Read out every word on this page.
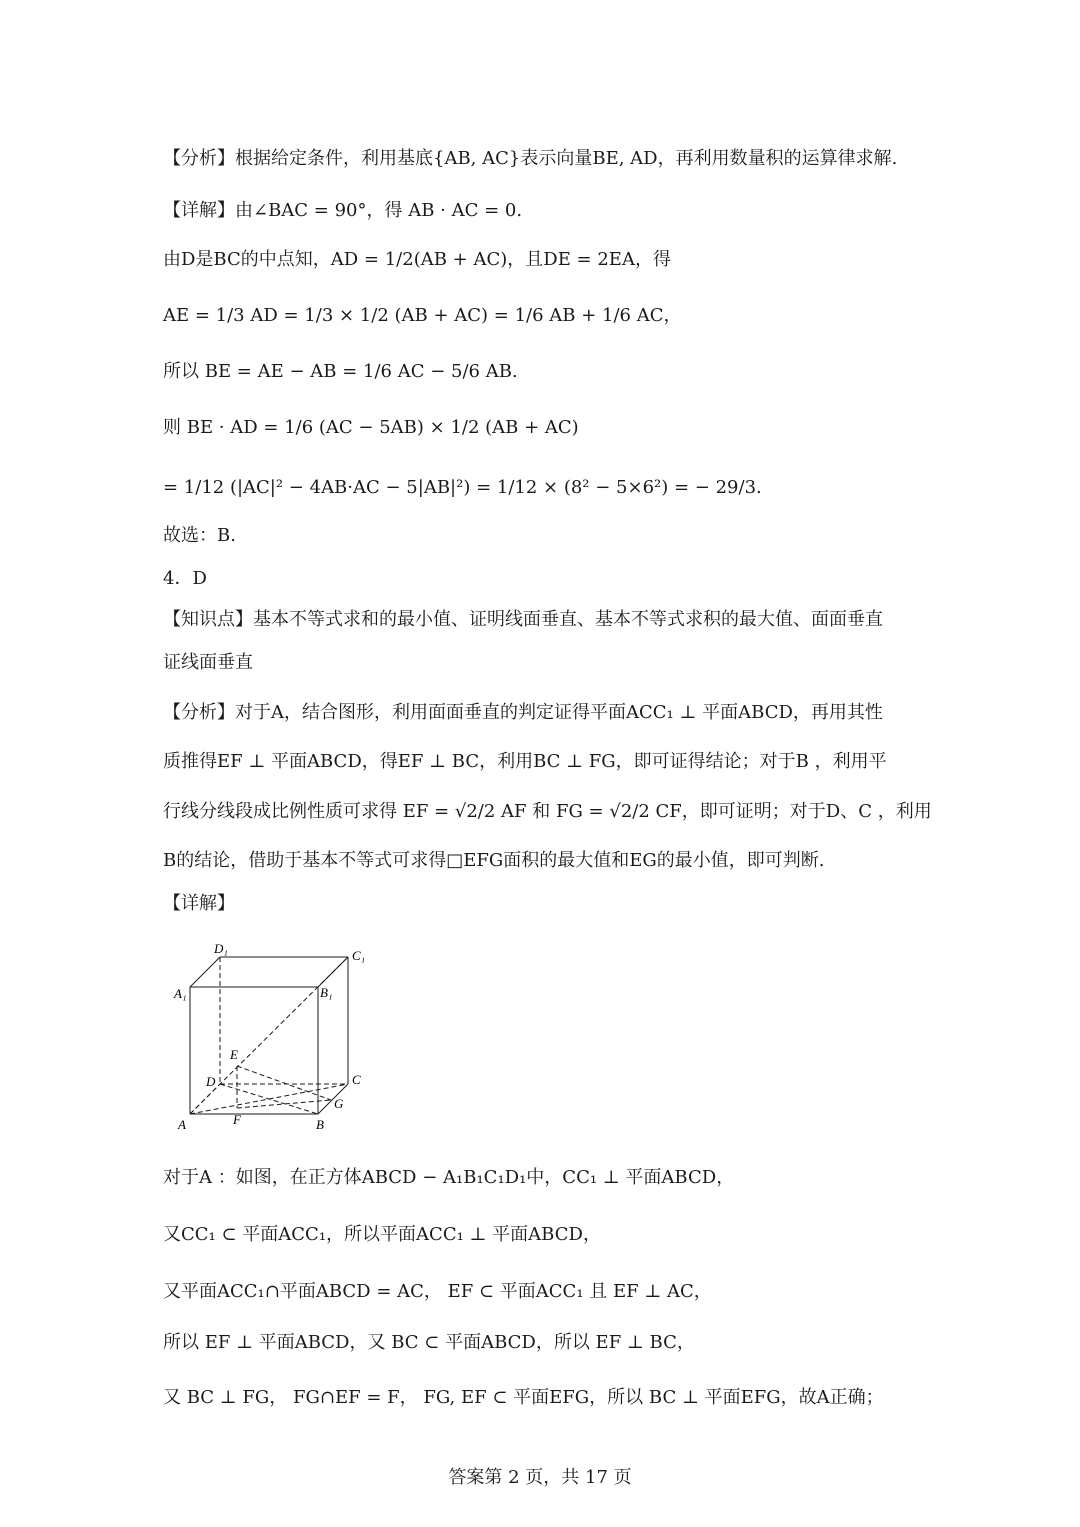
【分析】根据给定条件，利用基底{AB, AC}表示向量BE, AD，再利用数量积的运算律求解.
【详解】由∠BAC = 90°，得 AB · AC = 0.
由D是BC的中点知，AD = 1/2(AB + AC)，且DE = 2EA，得
AE = 1/3 AD = 1/3 × 1/2 (AB + AC) = 1/6 AB + 1/6 AC，
所以 BE = AE − AB = 1/6 AC − 5/6 AB.
则 BE · AD = 1/6 (AC − 5AB) × 1/2 (AB + AC)
= 1/12 (|AC|² − 4AB·AC − 5|AB|²) = 1/12 × (8² − 5×6²) = − 29/3.
故选：B.
4．D
【知识点】基本不等式求和的最小值、证明线面垂直、基本不等式求积的最大值、面面垂直
证线面垂直
【分析】对于A，结合图形，利用面面垂直的判定证得平面ACC₁ ⊥ 平面ABCD，再用其性
质推得EF ⊥ 平面ABCD，得EF ⊥ BC，利用BC ⊥ FG，即可证得结论；对于B ，利用平
行线分线段成比例性质可求得 EF = √2/2 AF 和 FG = √2/2 CF，即可证明；对于D、C ，利用
B的结论，借助于基本不等式可求得□EFG面积的最大值和EG的最小值，即可判断.
【详解】
D₁	C₁
A₁	B₁
E
D	C
G
A	F	B
对于A ：如图，在正方体ABCD − A₁B₁C₁D₁中，CC₁ ⊥ 平面ABCD，
又CC₁ ⊂ 平面ACC₁，所以平面ACC₁ ⊥ 平面ABCD，
又平面ACC₁∩平面ABCD = AC， EF ⊂ 平面ACC₁ 且 EF ⊥ AC，
所以 EF ⊥ 平面ABCD，又 BC ⊂ 平面ABCD，所以 EF ⊥ BC，
又 BC ⊥ FG， FG∩EF = F， FG, EF ⊂ 平面EFG，所以 BC ⊥ 平面EFG，故A正确；
答案第 2 页，共 17 页
